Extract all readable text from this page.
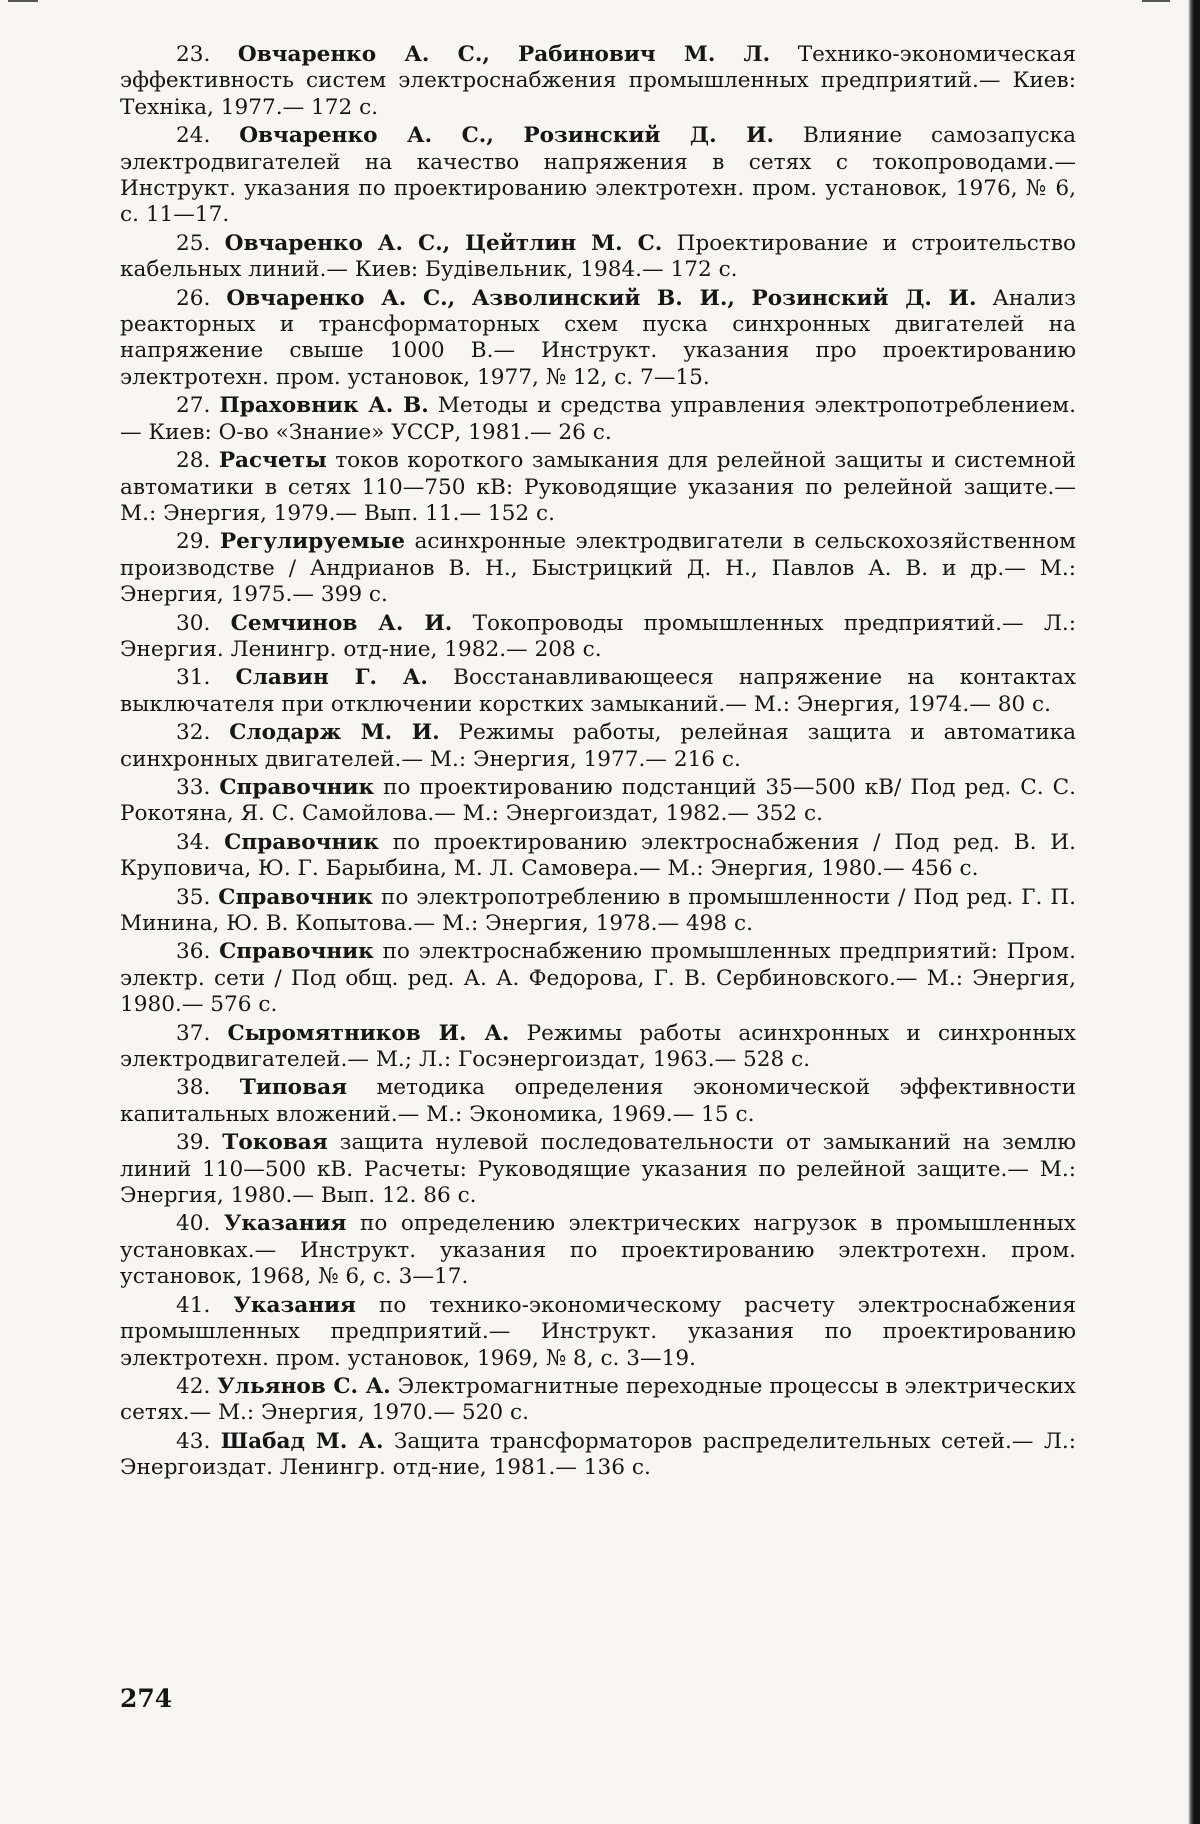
23. Овчаренко А. С., Рабинович М. Л. Технико-экономическая эффективность систем электроснабжения промышленных предприятий.— Киев: Техніка, 1977.— 172 с.

24. Овчаренко А. С., Розинский Д. И. Влияние самозапуска электродвигателей на качество напряжения в сетях с токопроводами.— Инструкт. указания по проектированию электротехн. пром. установок, 1976, № 6, с. 11—17.

25. Овчаренко А. С., Цейтлин М. С. Проектирование и строительство кабельных линий.— Киев: Будівельник, 1984.— 172 с.

26. Овчаренко А. С., Азволинский В. И., Розинский Д. И. Анализ реакторных и трансформаторных схем пуска синхронных двигателей на напряжение свыше 1000 В.— Инструкт. указания про проектированию электротехн. пром. установок, 1977, № 12, с. 7—15.

27. Праховник А. В. Методы и средства управления электропотреблением.— Киев: О-во «Знание» УССР, 1981.— 26 с.

28. Расчеты токов короткого замыкания для релейной защиты и системной автоматики в сетях 110—750 кВ: Руководящие указания по релейной защите.— М.: Энергия, 1979.— Вып. 11.— 152 с.

29. Регулируемые асинхронные электродвигатели в сельскохозяйственном производстве / Андрианов В. Н., Быстрицкий Д. Н., Павлов А. В. и др.— М.: Энергия, 1975.— 399 с.

30. Семчинов А. И. Токопроводы промышленных предприятий.— Л.: Энергия. Ленингр. отд-ние, 1982.— 208 с.

31. Славин Г. А. Восстанавливающееся напряжение на контактах выключателя при отключении корстких замыканий.— М.: Энергия, 1974.— 80 с.

32. Слодарж М. И. Режимы работы, релейная защита и автоматика синхронных двигателей.— М.: Энергия, 1977.— 216 с.

33. Справочник по проектированию подстанций 35—500 кВ/ Под ред. С. С. Рокотяна, Я. С. Самойлова.— М.: Энергоиздат, 1982.— 352 с.

34. Справочник по проектированию электроснабжения / Под ред. В. И. Круповича, Ю. Г. Барыбина, М. Л. Самовера.— М.: Энергия, 1980.— 456 с.

35. Справочник по электропотреблению в промышленности / Под ред. Г. П. Минина, Ю. В. Копытова.— М.: Энергия, 1978.— 498 с.

36. Справочник по электроснабжению промышленных предприятий: Пром. электр. сети / Под общ. ред. А. А. Федорова, Г. В. Сербиновского.— М.: Энергия, 1980.— 576 с.

37. Сыромятников И. А. Режимы работы асинхронных и синхронных электродвигателей.— М.; Л.: Госэнергоиздат, 1963.— 528 с.

38. Типовая методика определения экономической эффективности капитальных вложений.— М.: Экономика, 1969.— 15 с.

39. Токовая защита нулевой последовательности от замыканий на землю линий 110—500 кВ. Расчеты: Руководящие указания по релейной защите.— М.: Энергия, 1980.— Вып. 12. 86 с.

40. Указания по определению электрических нагрузок в промышленных установках.— Инструкт. указания по проектированию электротехн. пром. установок, 1968, № 6, с. 3—17.

41. Указания по технико-экономическому расчету электроснабжения промышленных предприятий.— Инструкт. указания по проектированию электротехн. пром. установок, 1969, № 8, с. 3—19.

42. Ульянов С. А. Электромагнитные переходные процессы в электрических сетях.— М.: Энергия, 1970.— 520 с.

43. Шабад М. А. Защита трансформаторов распределительных сетей.— Л.: Энергоиздат. Ленингр. отд-ние, 1981.— 136 с.

274
